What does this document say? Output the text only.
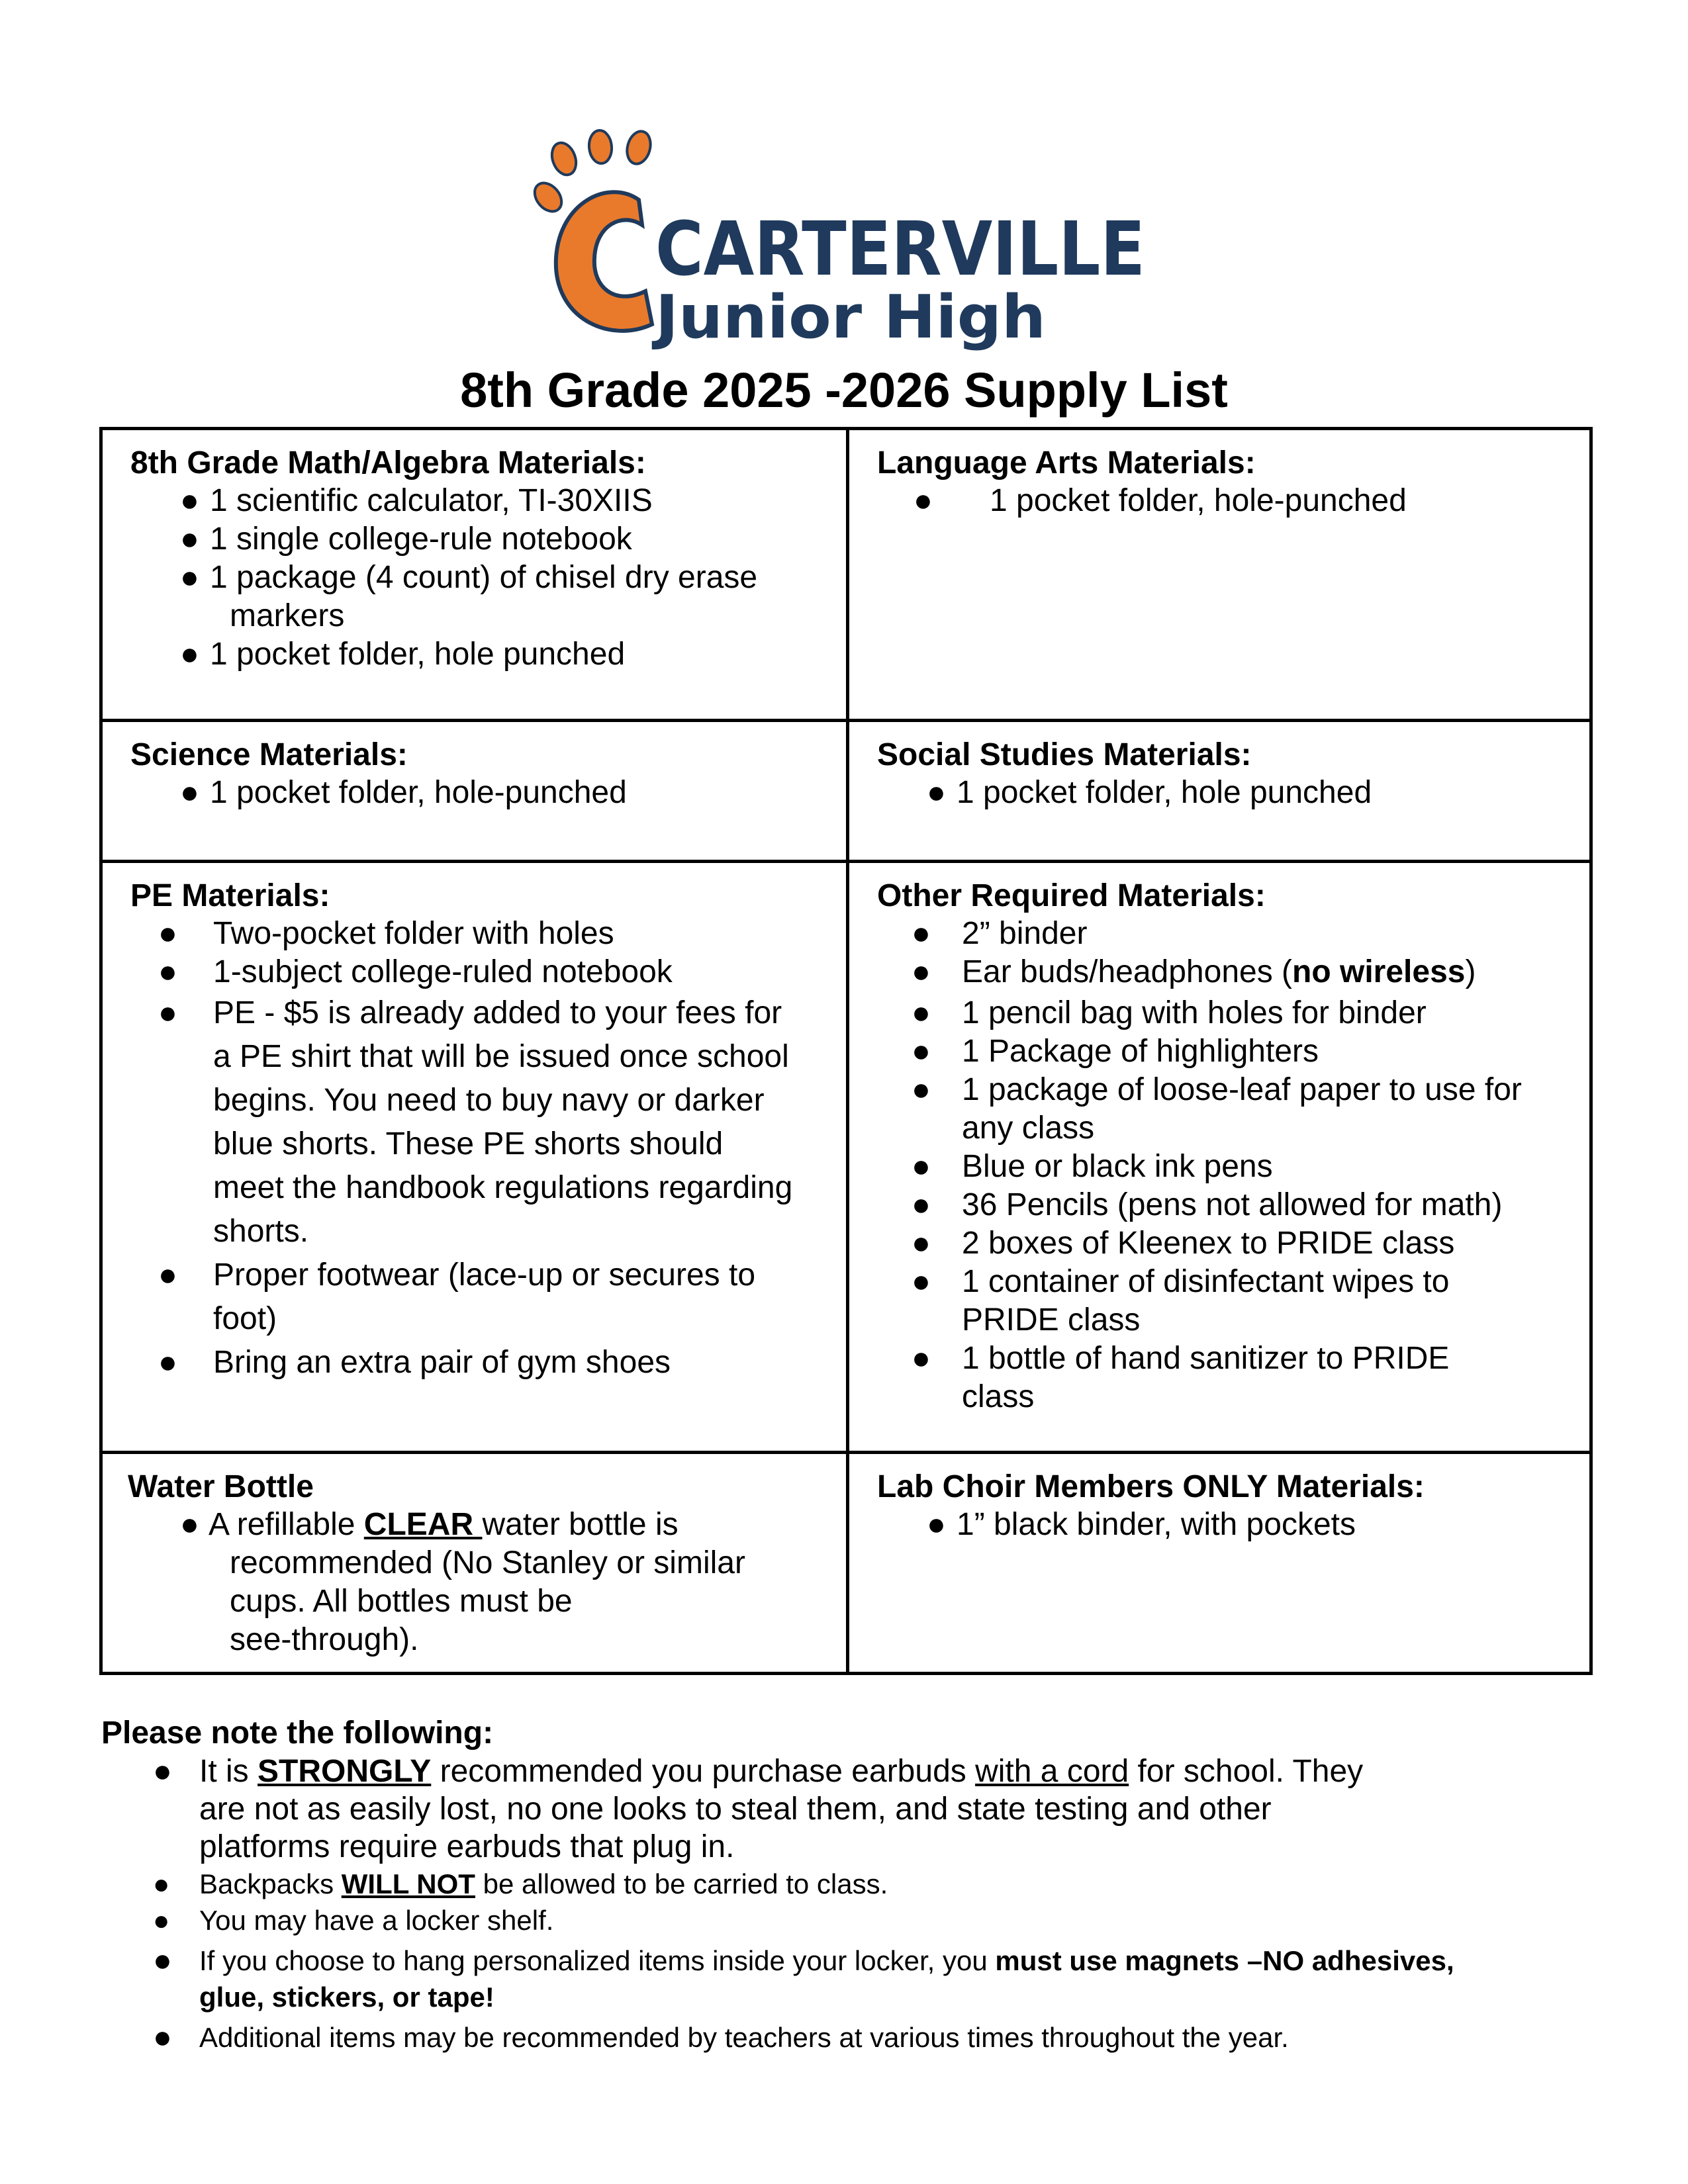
CARTERVILLE
Junior High
8th Grade 2025 -2026 Supply List
8th Grade Math/Algebra Materials:
● 1 scientific calculator, TI-30XIIS
● 1 single college-rule notebook
● 1 package (4 count) of chisel dry erase
markers
● 1 pocket folder, hole punched
Language Arts Materials:
● 1 pocket folder, hole-punched
Science Materials:
● 1 pocket folder, hole-punched
Social Studies Materials:
● 1 pocket folder, hole punched
PE Materials:
● Two-pocket folder with holes
● 1-subject college-ruled notebook
● PE - $5 is already added to your fees for
a PE shirt that will be issued once school
begins. You need to buy navy or darker
blue shorts. These PE shorts should
meet the handbook regulations regarding
shorts.
● Proper footwear (lace-up or secures to
foot)
● Bring an extra pair of gym shoes
Other Required Materials:
● 2” binder
● Ear buds/headphones (no wireless)
● 1 pencil bag with holes for binder
● 1 Package of highlighters
● 1 package of loose-leaf paper to use for
any class
● Blue or black ink pens
● 36 Pencils (pens not allowed for math)
● 2 boxes of Kleenex to PRIDE class
● 1 container of disinfectant wipes to
PRIDE class
● 1 bottle of hand sanitizer to PRIDE
class
Water Bottle
● A refillable CLEAR water bottle is
recommended (No Stanley or similar
cups. All bottles must be
see-through).
Lab Choir Members ONLY Materials:
● 1” black binder, with pockets
Please note the following:
● It is STRONGLY recommended you purchase earbuds with a cord for school. They
are not as easily lost, no one looks to steal them, and state testing and other
platforms require earbuds that plug in.
● Backpacks WILL NOT be allowed to be carried to class.
● You may have a locker shelf.
● If you choose to hang personalized items inside your locker, you must use magnets –NO adhesives,
glue, stickers, or tape!
● Additional items may be recommended by teachers at various times throughout the year.
